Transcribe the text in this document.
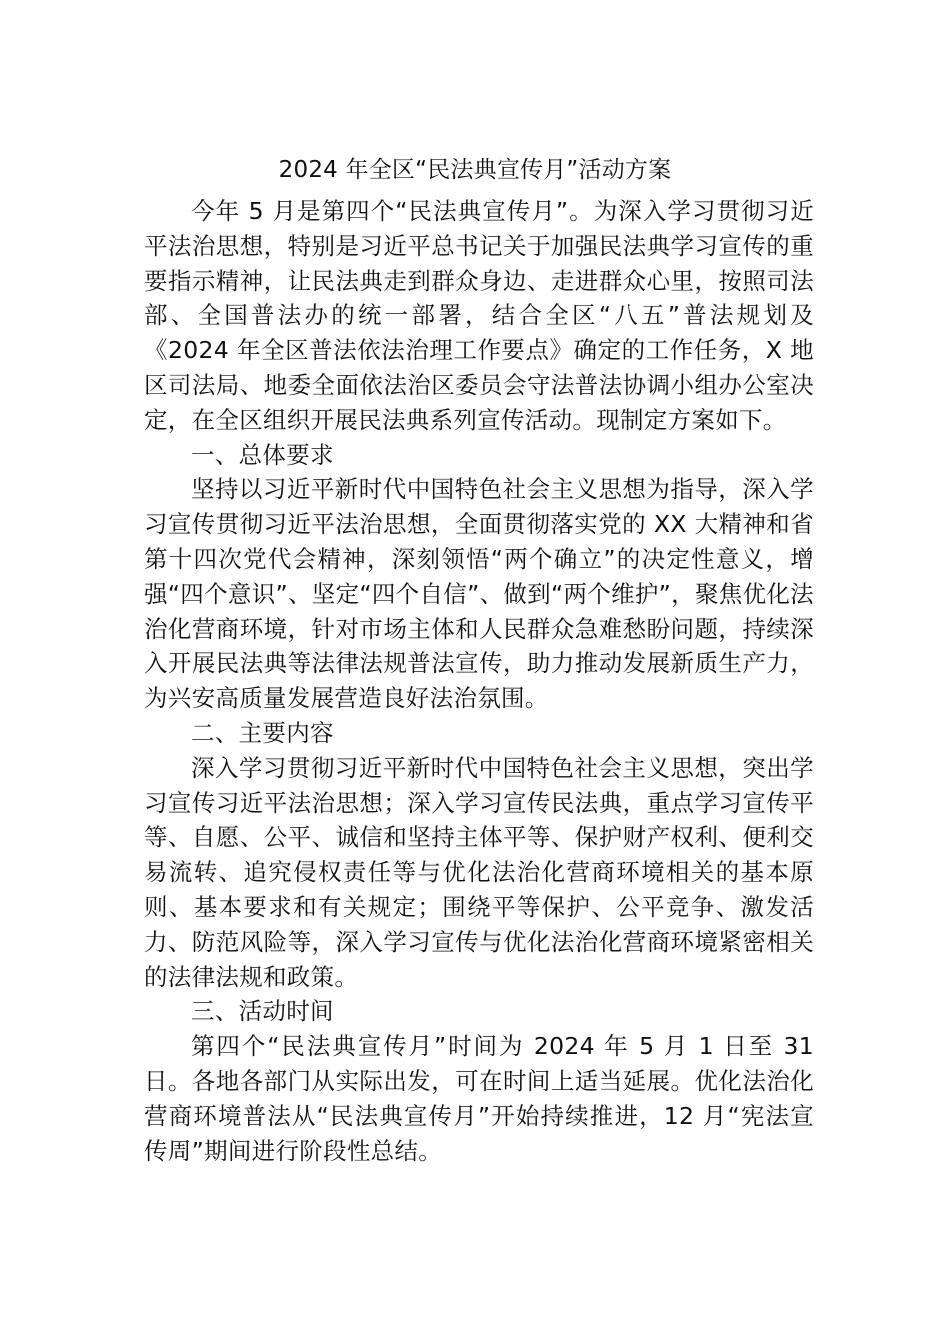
2024 年全区“民法典宣传月”活动方案

今年 5 月是第四个“民法典宣传月”。为深入学习贯彻习近平法治思想，特别是习近平总书记关于加强民法典学习宣传的重要指示精神，让民法典走到群众身边、走进群众心里，按照司法部、全国普法办的统一部署，结合全区“八五”普法规划及《2024 年全区普法依法治理工作要点》确定的工作任务，X 地区司法局、地委全面依法治区委员会守法普法协调小组办公室决定，在全区组织开展民法典系列宣传活动。现制定方案如下。

一、总体要求

坚持以习近平新时代中国特色社会主义思想为指导，深入学习宣传贯彻习近平法治思想，全面贯彻落实党的 XX 大精神和省第十四次党代会精神，深刻领悟“两个确立”的决定性意义，增强“四个意识”、坚定“四个自信”、做到“两个维护”，聚焦优化法治化营商环境，针对市场主体和人民群众急难愁盼问题，持续深入开展民法典等法律法规普法宣传，助力推动发展新质生产力，为兴安高质量发展营造良好法治氛围。

二、主要内容

深入学习贯彻习近平新时代中国特色社会主义思想，突出学习宣传习近平法治思想；深入学习宣传民法典，重点学习宣传平等、自愿、公平、诚信和坚持主体平等、保护财产权利、便利交易流转、追究侵权责任等与优化法治化营商环境相关的基本原则、基本要求和有关规定；围绕平等保护、公平竞争、激发活力、防范风险等，深入学习宣传与优化法治化营商环境紧密相关的法律法规和政策。

三、活动时间

第四个“民法典宣传月”时间为 2024 年 5 月 1 日至 31 日。各地各部门从实际出发，可在时间上适当延展。优化法治化营商环境普法从“民法典宣传月”开始持续推进，12 月“宪法宣传周”期间进行阶段性总结。
